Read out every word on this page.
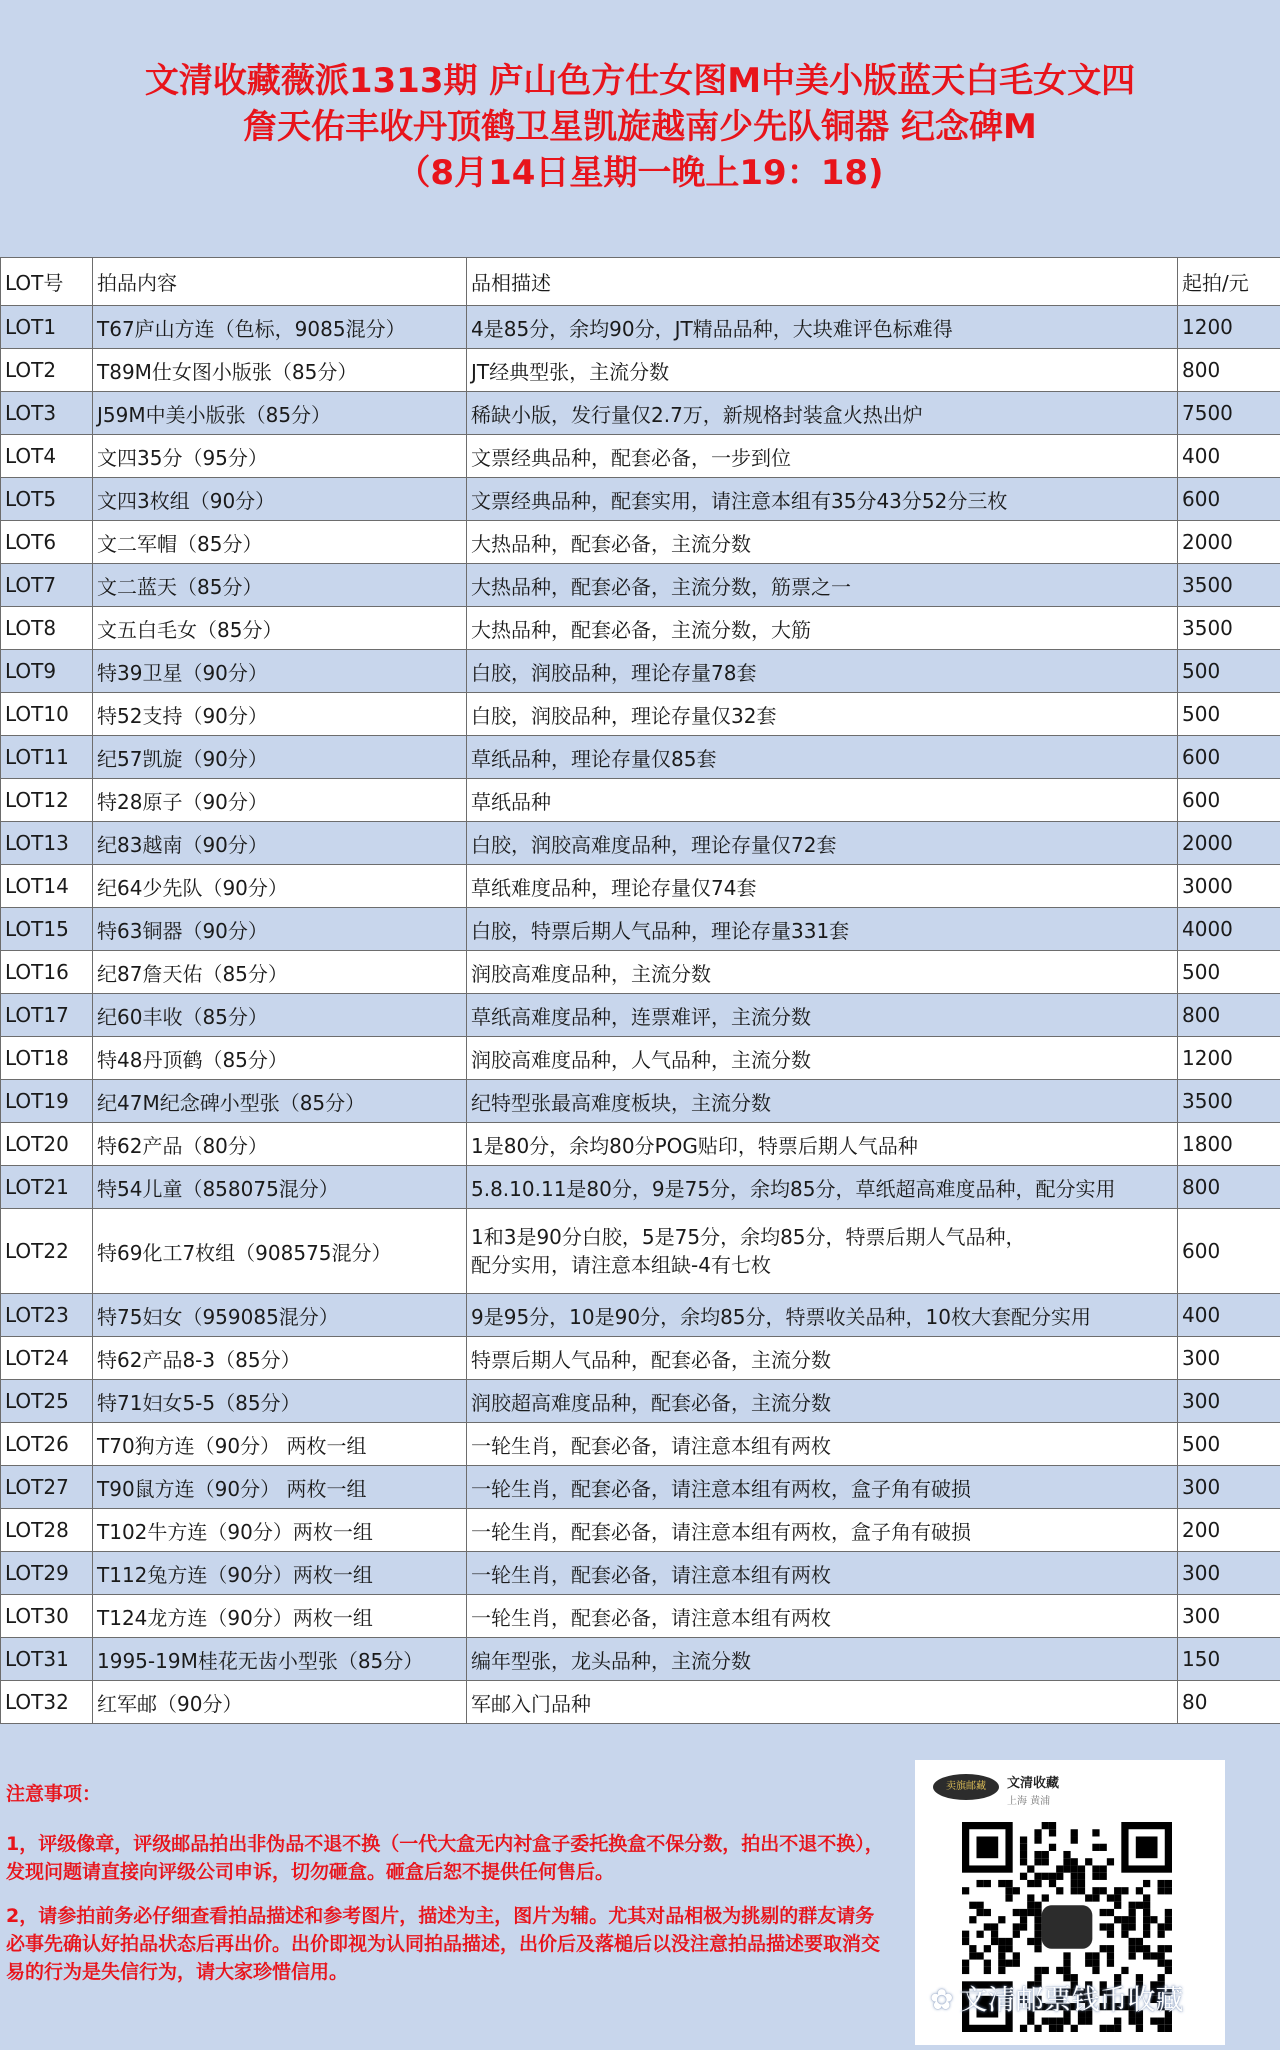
文清收藏薇派1313期 庐山色方仕女图M中美小版蓝天白毛女文四
詹天佑丰收丹顶鹤卫星凯旋越南少先队铜器 纪念碑M
（8月14日星期一晚上19：18)
LOT号	拍品内容	品相描述	起拍/元
LOT1	T67庐山方连（色标，9085混分）	4是85分，余均90分，JT精品品种，大块难评色标难得	1200
LOT2	T89M仕女图小版张（85分）	JT经典型张，主流分数	800
LOT3	J59M中美小版张（85分）	稀缺小版，发行量仅2.7万，新规格封装盒火热出炉	7500
LOT4	文四35分（95分）	文票经典品种，配套必备，一步到位	400
LOT5	文四3枚组（90分）	文票经典品种，配套实用，请注意本组有35分43分52分三枚	600
LOT6	文二军帽（85分）	大热品种，配套必备，主流分数	2000
LOT7	文二蓝天（85分）	大热品种，配套必备，主流分数，筋票之一	3500
LOT8	文五白毛女（85分）	大热品种，配套必备，主流分数，大筋	3500
LOT9	特39卫星（90分）	白胶，润胶品种，理论存量78套	500
LOT10	特52支持（90分）	白胶，润胶品种，理论存量仅32套	500
LOT11	纪57凯旋（90分）	草纸品种，理论存量仅85套	600
LOT12	特28原子（90分）	草纸品种	600
LOT13	纪83越南（90分）	白胶，润胶高难度品种，理论存量仅72套	2000
LOT14	纪64少先队（90分）	草纸难度品种，理论存量仅74套	3000
LOT15	特63铜器（90分）	白胶，特票后期人气品种，理论存量331套	4000
LOT16	纪87詹天佑（85分）	润胶高难度品种，主流分数	500
LOT17	纪60丰收（85分）	草纸高难度品种，连票难评，主流分数	800
LOT18	特48丹顶鹤（85分）	润胶高难度品种，人气品种，主流分数	1200
LOT19	纪47M纪念碑小型张（85分）	纪特型张最高难度板块，主流分数	3500
LOT20	特62产品（80分）	1是80分，余均80分POG贴印，特票后期人气品种	1800
LOT21	特54儿童（858075混分）	5.8.10.11是80分，9是75分，余均85分，草纸超高难度品种，配分实用	800
LOT22	特69化工7枚组（908575混分）	1和3是90分白胶，5是75分，余均85分，特票后期人气品种，
配分实用，请注意本组缺-4有七枚	600
LOT23	特75妇女（959085混分）	9是95分，10是90分，余均85分，特票收关品种，10枚大套配分实用	400
LOT24	特62产品8-3（85分）	特票后期人气品种，配套必备，主流分数	300
LOT25	特71妇女5-5（85分）	润胶超高难度品种，配套必备，主流分数	300
LOT26	T70狗方连（90分） 两枚一组	一轮生肖，配套必备，请注意本组有两枚	500
LOT27	T90鼠方连（90分） 两枚一组	一轮生肖，配套必备，请注意本组有两枚，盒子角有破损	300
LOT28	T102牛方连（90分）两枚一组	一轮生肖，配套必备，请注意本组有两枚，盒子角有破损	200
LOT29	T112兔方连（90分）两枚一组	一轮生肖，配套必备，请注意本组有两枚	300
LOT30	T124龙方连（90分）两枚一组	一轮生肖，配套必备，请注意本组有两枚	300
LOT31	1995-19M桂花无齿小型张（85分）	编年型张，龙头品种，主流分数	150
LOT32	红军邮（90分）	军邮入门品种	80
注意事项：

1，评级像章，评级邮品拍出非伪品不退不换（一代大盒无内衬盒子委托换盒不保分数，拍出不退不换），发现问题请直接向评级公司申诉，切勿砸盒。砸盒后恕不提供任何售后。

2，请参拍前务必仔细查看拍品描述和参考图片，描述为主，图片为辅。尤其对品相极为挑剔的群友请务必事先确认好拍品状态后再出价。出价即视为认同拍品描述，出价后及落槌后以没注意拍品描述要取消交易的行为是失信行为，请大家珍惜信用。

卖旗邮藏	文清收藏
上海 黄浦
✿ 文清邮票钱币收藏
